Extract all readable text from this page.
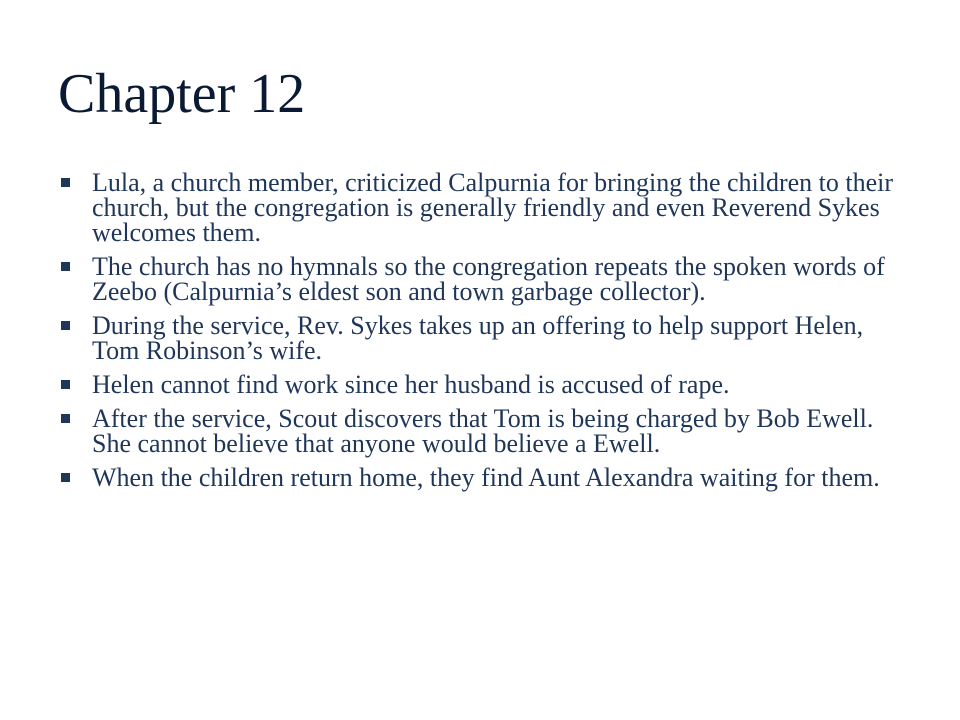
Chapter 12
Lula, a church member, criticized Calpurnia for bringing the children to their church, but the congregation is generally friendly and even Reverend Sykes welcomes them.
The church has no hymnals so the congregation repeats the spoken words of Zeebo (Calpurnia’s eldest son and town garbage collector).
During the service, Rev. Sykes takes up an offering to help support Helen, Tom Robinson’s wife.
Helen cannot find work since her husband is accused of rape.
After the service, Scout discovers that Tom is being charged by Bob Ewell. She cannot believe that anyone would believe a Ewell.
When the children return home, they find Aunt Alexandra waiting for them.
